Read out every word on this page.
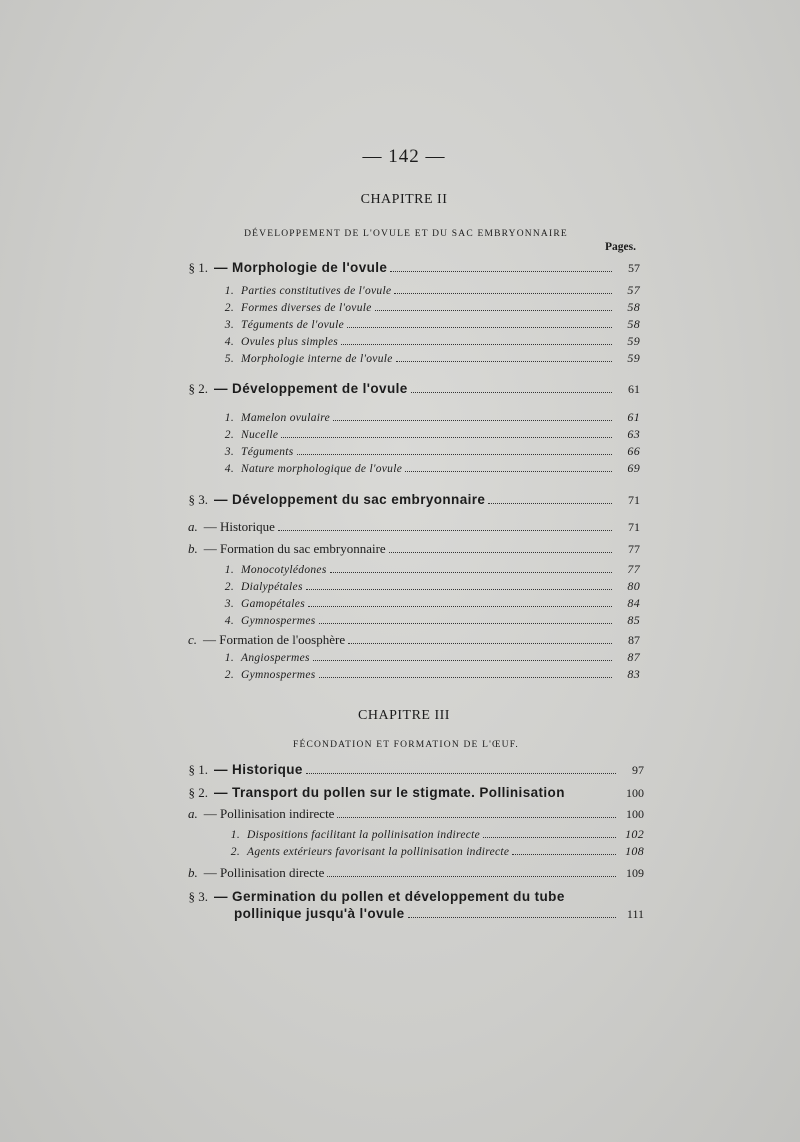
— 142 —
CHAPITRE II
DÉVELOPPEMENT DE L'OVULE ET DU SAC EMBRYONNAIRE
Pages.
§ 1. — Morphologie de l'ovule	57
1. Parties constitutives de l'ovule	57
2. Formes diverses de l'ovule	58
3. Téguments de l'ovule	58
4. Ovules plus simples	59
5. Morphologie interne de l'ovule	59
§ 2. — Développement de l'ovule	61
1. Mamelon ovulaire	61
2. Nucelle	63
3. Téguments	66
4. Nature morphologique de l'ovule	69
§ 3. — Développement du sac embryonnaire	71
a. — Historique	71
b. — Formation du sac embryonnaire	77
1. Monocotylédones	77
2. Dialypétales	80
3. Gamopétales	84
4. Gymnospermes	85
c. — Formation de l'oosphère	87
1. Angiospermes	87
2. Gymnospermes	83
CHAPITRE III
FÉCONDATION ET FORMATION DE L'ŒUF.
§ 1. — Historique	97
§ 2. — Transport du pollen sur le stigmate. Pollinisation	100
a. — Pollinisation indirecte	100
1. Dispositions facilitant la pollinisation indirecte	102
2. Agents extérieurs favorisant la pollinisation indirecte	108
b. — Pollinisation directe	109
§ 3. — Germination du pollen et développement du tube
pollinique jusqu'à l'ovule	111
